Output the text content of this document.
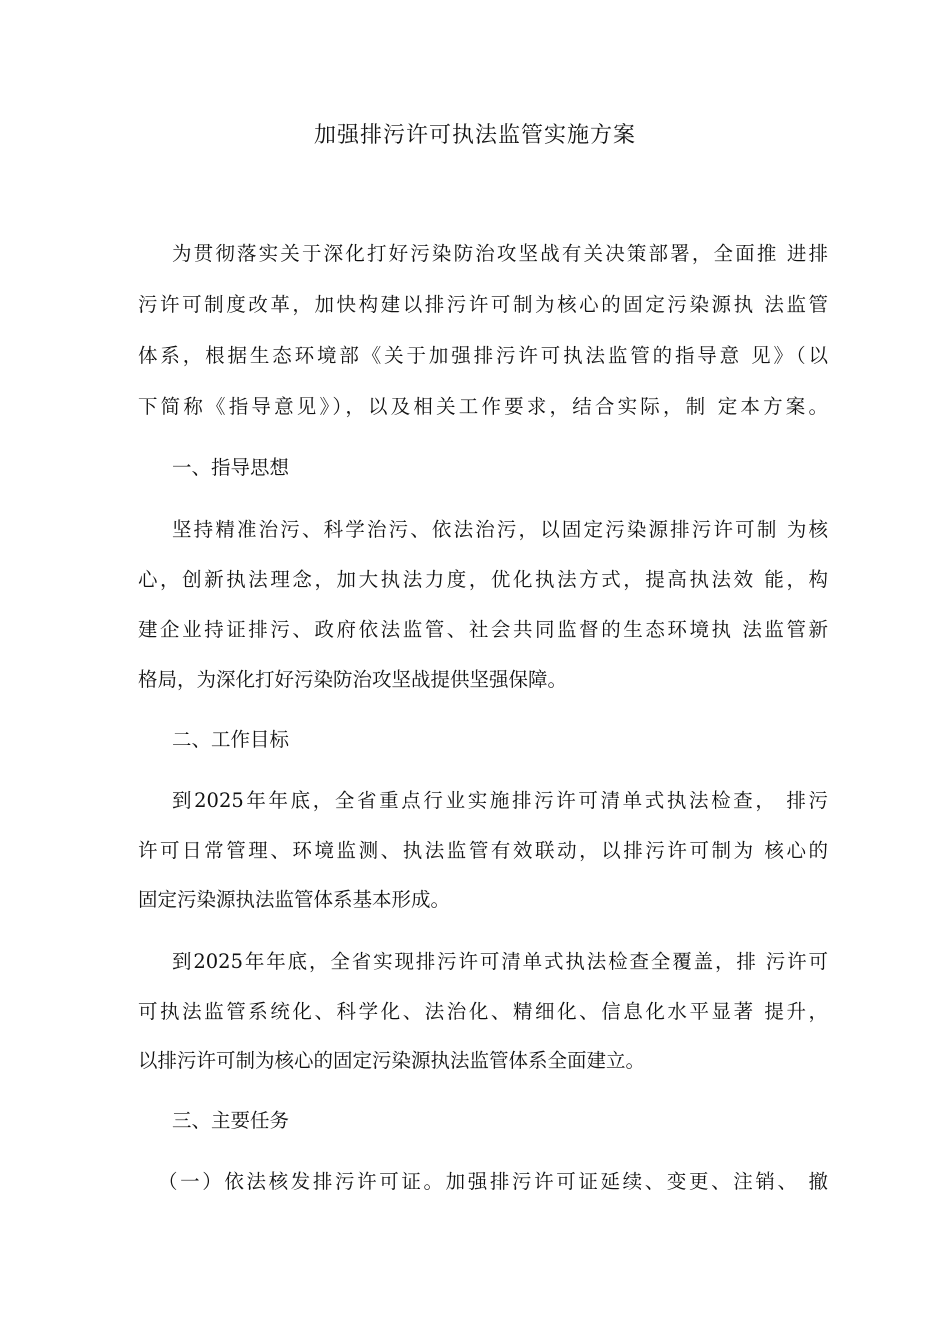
加强排污许可执法监管实施方案
为贯彻落实关于深化打好污染防治攻坚战有关决策部署，全面推 进排
污许可制度改革，加快构建以排污许可制为核心的固定污染源执 法监管
体系，根据生态环境部《关于加强排污许可执法监管的指导意 见》（以
下简称《指导意见》），以及相关工作要求，结合实际，制 定本方案。
一、指导思想
坚持精准治污、科学治污、依法治污，以固定污染源排污许可制 为核
心，创新执法理念，加大执法力度，优化执法方式，提高执法效 能，构
建企业持证排污、政府依法监管、社会共同监督的生态环境执 法监管新
格局，为深化打好污染防治攻坚战提供坚强保障。
二、工作目标
到2025年年底，全省重点行业实施排污许可清单式执法检查， 排污
许可日常管理、环境监测、执法监管有效联动，以排污许可制为 核心的
固定污染源执法监管体系基本形成。
到2025年年底，全省实现排污许可清单式执法检查全覆盖，排 污许可
可执法监管系统化、科学化、法治化、精细化、信息化水平显著 提升，
以排污许可制为核心的固定污染源执法监管体系全面建立。
三、主要任务
（一）依法核发排污许可证。加强排污许可证延续、变更、注销、 撤
